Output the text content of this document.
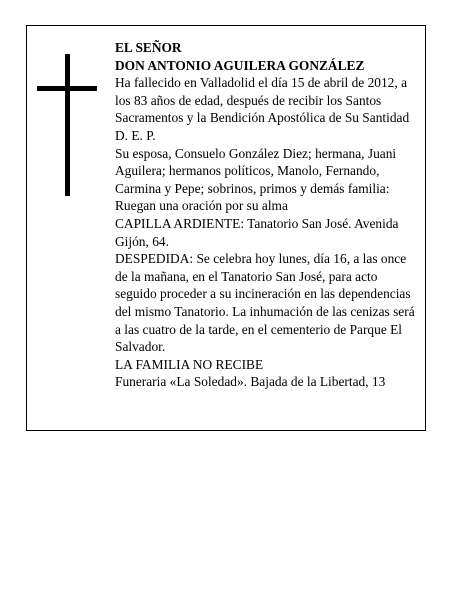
EL SEÑOR

DON ANTONIO AGUILERA GONZÁLEZ

Ha fallecido en Valladolid el día 15 de abril de 2012, a los 83 años de edad, después de recibir los Santos Sacramentos y la Bendición Apostólica de Su Santidad D. E. P.

Su esposa, Consuelo González Diez; hermana, Juani Aguilera; hermanos políticos, Manolo, Fernando, Carmina y Pepe; sobrinos, primos y demás familia:

Ruegan una oración por su alma

CAPILLA ARDIENTE: Tanatorio San José. Avenida Gijón, 64.

DESPEDIDA: Se celebra hoy lunes, día 16, a las once de la mañana, en el Tanatorio San José, para acto seguido proceder a su incineración en las dependencias del mismo Tanatorio. La inhumación de las cenizas será a las cuatro de la tarde, en el cementerio de Parque El Salvador.

LA FAMILIA NO RECIBE

Funeraria «La Soledad». Bajada de la Libertad, 13
